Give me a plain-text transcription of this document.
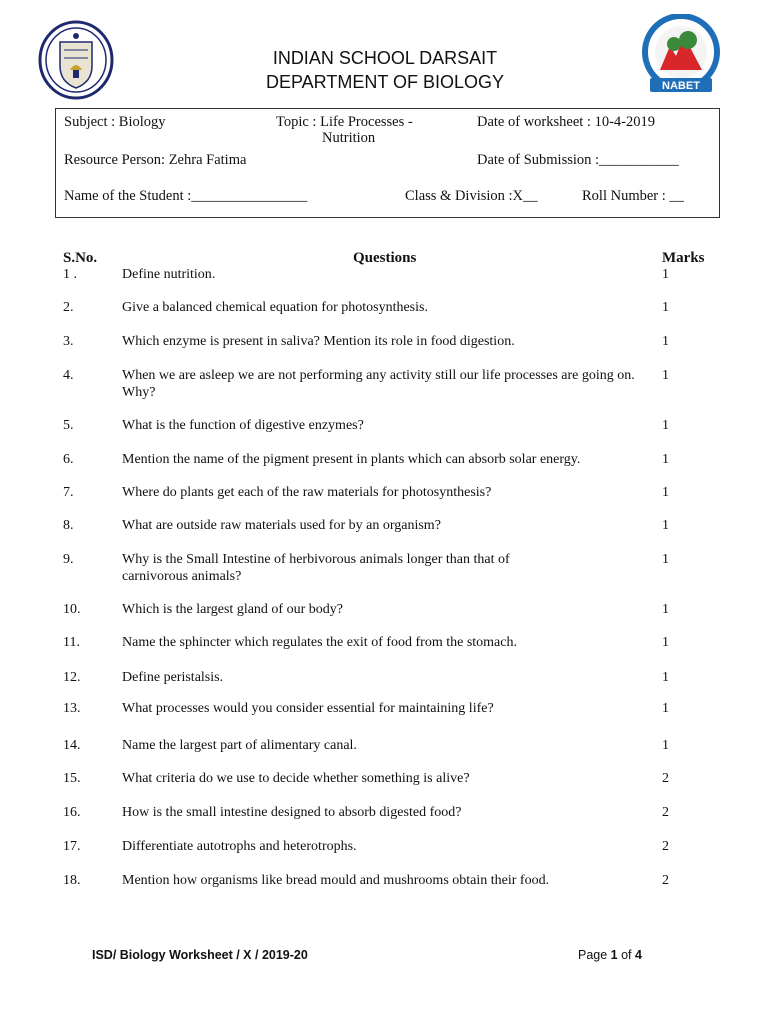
NABET
INDIAN SCHOOL DARSAIT
DEPARTMENT OF BIOLOGY
Subject : Biology	Topic : Life Processes -
Nutrition
Date of worksheet : 10-4-2019
Resource Person: Zehra Fatima	Date of Submission :___________
Name of the Student :________________	Class & Division :X__	Roll Number : __
S.No.	Questions	Marks
1 .	Define nutrition.	1
2.	Give a balanced chemical equation for photosynthesis.	1
3.	Which enzyme is present in saliva? Mention its role in food digestion.	1
4.	When we are asleep we are not performing any activity still our life processes are going on. Why?
1
5.	What is the function of digestive enzymes?	1
6.	Mention the name of the pigment present in plants which can absorb solar energy.	1
7.	Where do plants get each of the raw materials for photosynthesis?	1
8.	What are outside raw materials used for by an organism?	1
9.	Why is the Small Intestine of herbivorous animals longer than that of carnivorous animals?
1
10.	Which is the largest gland of our body?	1
11.	Name the sphincter which regulates the exit of food from the stomach.	1
12.	Define peristalsis.	1
13.	What processes would you consider essential for maintaining life?	1
14.	Name the largest part of alimentary canal.	1
15.	What criteria do we use to decide whether something is alive?	2
16.	How is the small intestine designed to absorb digested food?	2
17.	Differentiate autotrophs and heterotrophs.	2
18.	Mention how organisms like bread mould and mushrooms obtain their food.	2
ISD/ Biology Worksheet / X / 2019-20	Page 1 of 4
